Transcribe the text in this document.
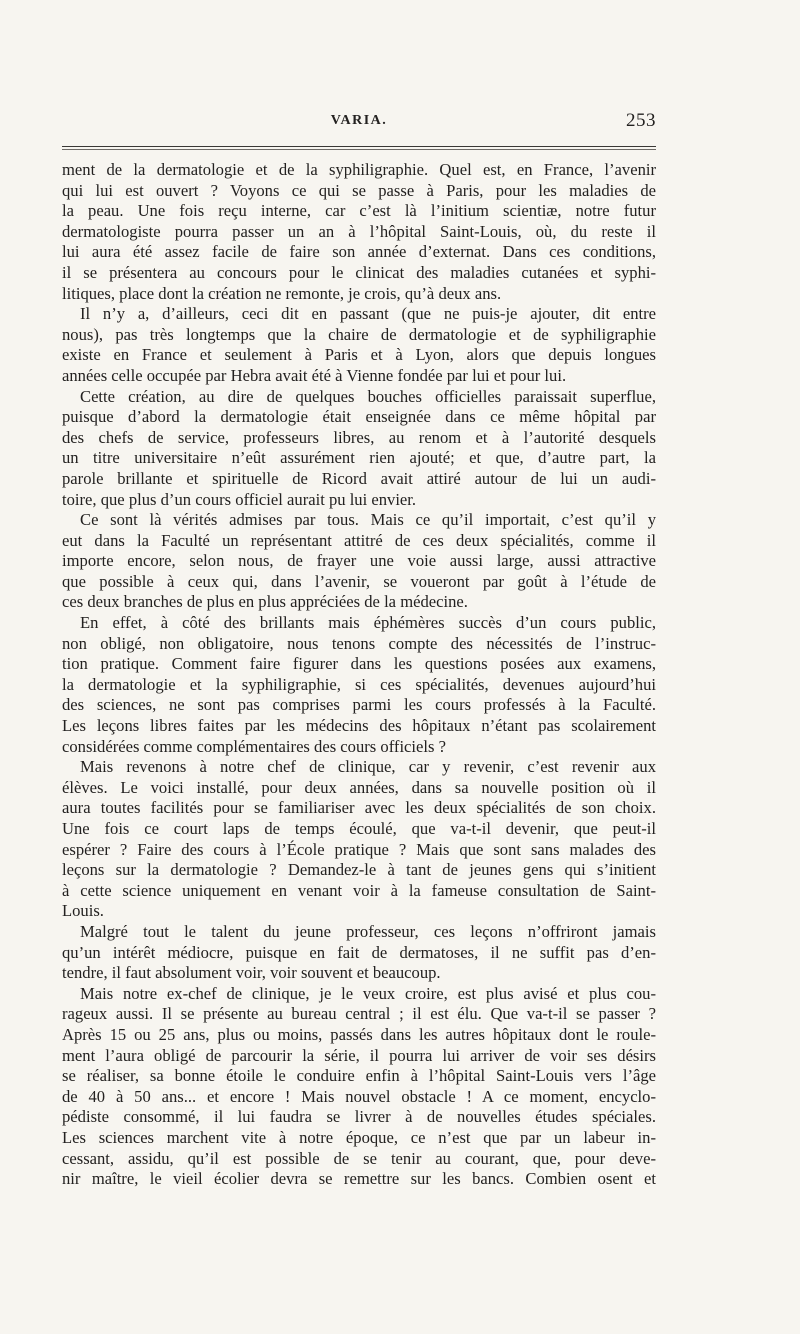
VARIA.	253
ment de la dermatologie et de la syphiligraphie. Quel est, en France, l’avenir
qui lui est ouvert ? Voyons ce qui se passe à Paris, pour les maladies de
la peau. Une fois reçu interne, car c’est là l’initium scientiæ, notre futur
dermatologiste pourra passer un an à l’hôpital Saint-Louis, où, du reste il
lui aura été assez facile de faire son année d’externat. Dans ces conditions,
il se présentera au concours pour le clinicat des maladies cutanées et syphi-
litiques, place dont la création ne remonte, je crois, qu’à deux ans.
Il n’y a, d’ailleurs, ceci dit en passant (que ne puis-je ajouter, dit entre
nous), pas très longtemps que la chaire de dermatologie et de syphiligraphie
existe en France et seulement à Paris et à Lyon, alors que depuis longues
années celle occupée par Hebra avait été à Vienne fondée par lui et pour lui.
Cette création, au dire de quelques bouches officielles paraissait superflue,
puisque d’abord la dermatologie était enseignée dans ce même hôpital par
des chefs de service, professeurs libres, au renom et à l’autorité desquels
un titre universitaire n’eût assurément rien ajouté; et que, d’autre part, la
parole brillante et spirituelle de Ricord avait attiré autour de lui un audi-
toire, que plus d’un cours officiel aurait pu lui envier.
Ce sont là vérités admises par tous. Mais ce qu’il importait, c’est qu’il y
eut dans la Faculté un représentant attitré de ces deux spécialités, comme il
importe encore, selon nous, de frayer une voie aussi large, aussi attractive
que possible à ceux qui, dans l’avenir, se voueront par goût à l’étude de
ces deux branches de plus en plus appréciées de la médecine.
En effet, à côté des brillants mais éphémères succès d’un cours public,
non obligé, non obligatoire, nous tenons compte des nécessités de l’instruc-
tion pratique. Comment faire figurer dans les questions posées aux examens,
la dermatologie et la syphiligraphie, si ces spécialités, devenues aujourd’hui
des sciences, ne sont pas comprises parmi les cours professés à la Faculté.
Les leçons libres faites par les médecins des hôpitaux n’étant pas scolairement
considérées comme complémentaires des cours officiels ?
Mais revenons à notre chef de clinique, car y revenir, c’est revenir aux
élèves. Le voici installé, pour deux années, dans sa nouvelle position où il
aura toutes facilités pour se familiariser avec les deux spécialités de son choix.
Une fois ce court laps de temps écoulé, que va-t-il devenir, que peut-il
espérer ? Faire des cours à l’École pratique ? Mais que sont sans malades des
leçons sur la dermatologie ? Demandez-le à tant de jeunes gens qui s’initient
à cette science uniquement en venant voir à la fameuse consultation de Saint-
Louis.
Malgré tout le talent du jeune professeur, ces leçons n’offriront jamais
qu’un intérêt médiocre, puisque en fait de dermatoses, il ne suffit pas d’en-
tendre, il faut absolument voir, voir souvent et beaucoup.
Mais notre ex-chef de clinique, je le veux croire, est plus avisé et plus cou-
rageux aussi. Il se présente au bureau central ; il est élu. Que va-t-il se passer ?
Après 15 ou 25 ans, plus ou moins, passés dans les autres hôpitaux dont le roule-
ment l’aura obligé de parcourir la série, il pourra lui arriver de voir ses désirs
se réaliser, sa bonne étoile le conduire enfin à l’hôpital Saint-Louis vers l’âge
de 40 à 50 ans... et encore ! Mais nouvel obstacle ! A ce moment, encyclo-
pédiste consommé, il lui faudra se livrer à de nouvelles études spéciales.
Les sciences marchent vite à notre époque, ce n’est que par un labeur in-
cessant, assidu, qu’il est possible de se tenir au courant, que, pour deve-
nir maître, le vieil écolier devra se remettre sur les bancs. Combien osent et
